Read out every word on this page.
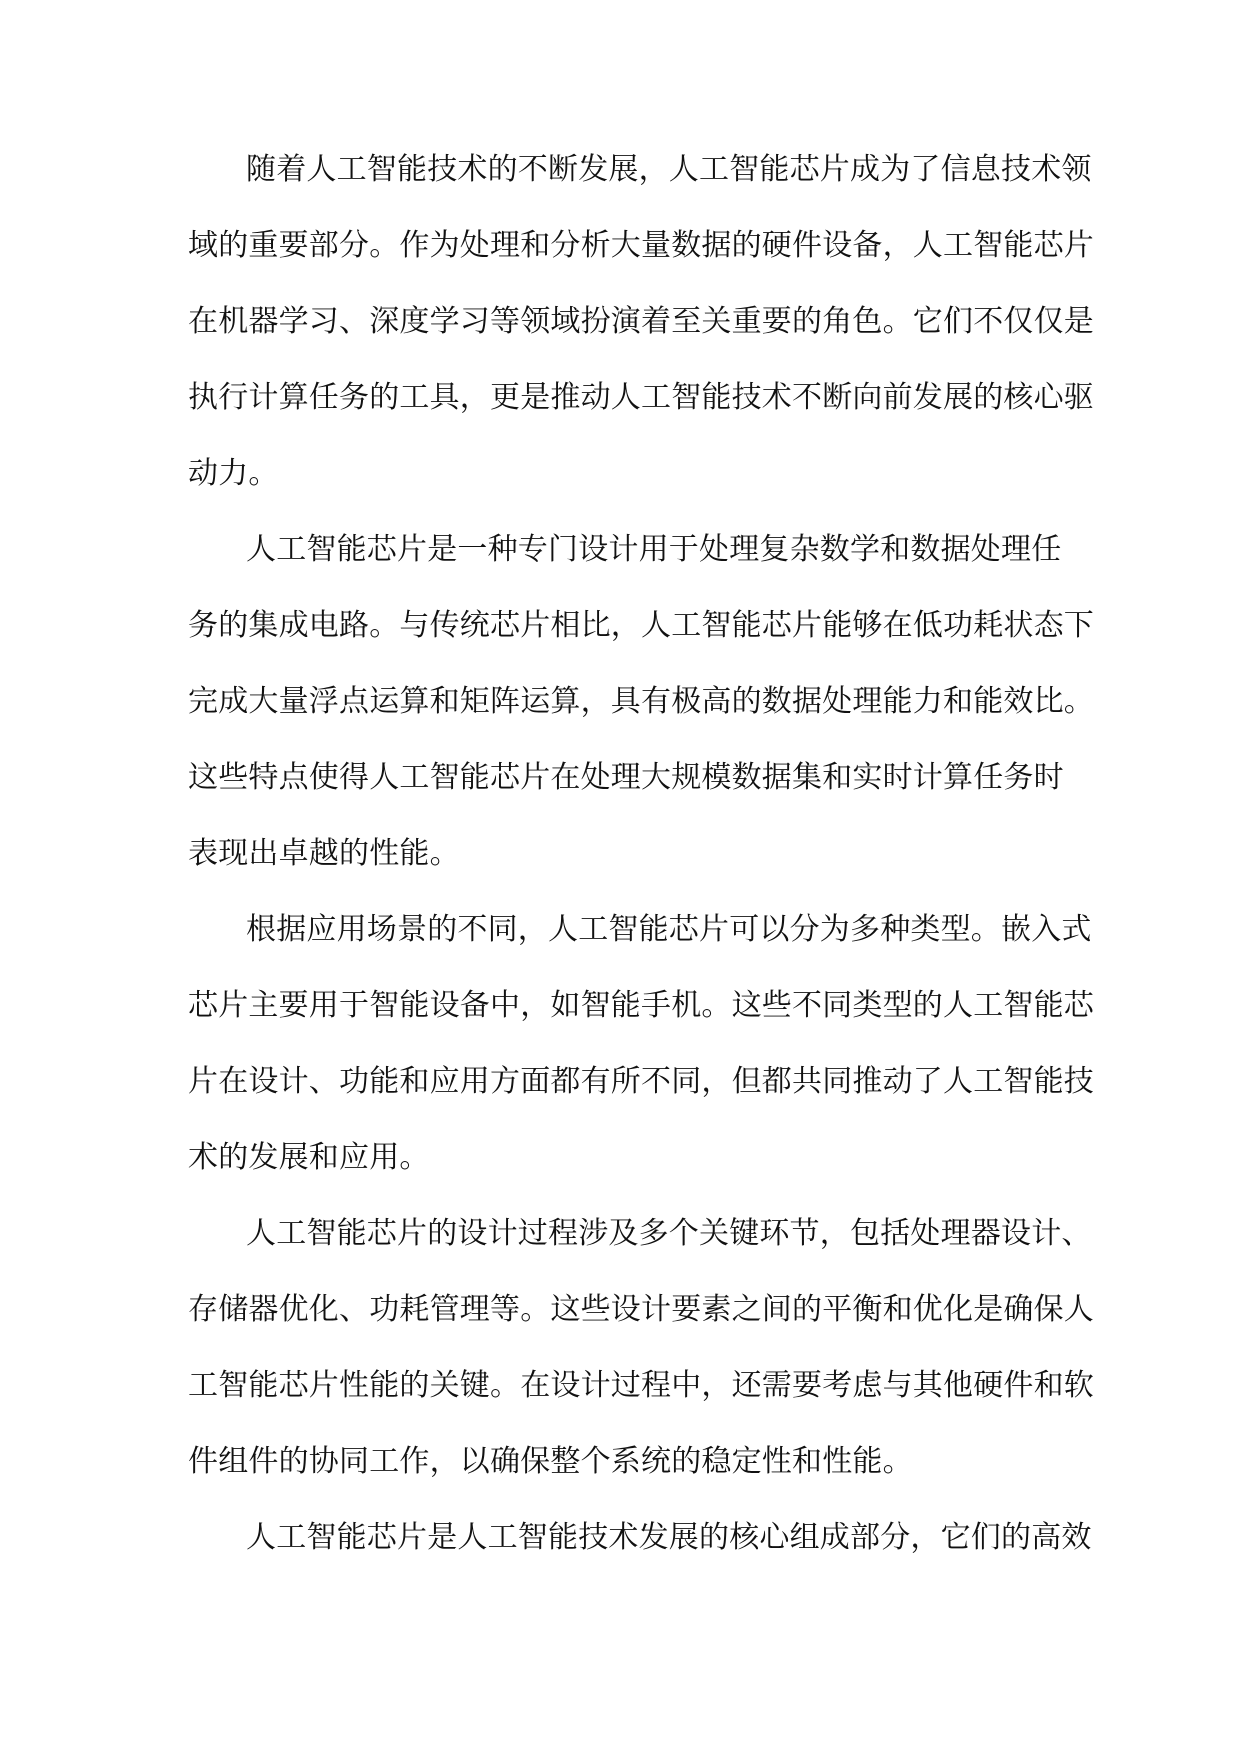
随着人工智能技术的不断发展，人工智能芯片成为了信息技术领
域的重要部分。作为处理和分析大量数据的硬件设备，人工智能芯片
在机器学习、深度学习等领域扮演着至关重要的角色。它们不仅仅是
执行计算任务的工具，更是推动人工智能技术不断向前发展的核心驱
动力。
人工智能芯片是一种专门设计用于处理复杂数学和数据处理任
务的集成电路。与传统芯片相比，人工智能芯片能够在低功耗状态下
完成大量浮点运算和矩阵运算，具有极高的数据处理能力和能效比。
这些特点使得人工智能芯片在处理大规模数据集和实时计算任务时
表现出卓越的性能。
根据应用场景的不同，人工智能芯片可以分为多种类型。嵌入式
芯片主要用于智能设备中，如智能手机。这些不同类型的人工智能芯
片在设计、功能和应用方面都有所不同，但都共同推动了人工智能技
术的发展和应用。
人工智能芯片的设计过程涉及多个关键环节，包括处理器设计、
存储器优化、功耗管理等。这些设计要素之间的平衡和优化是确保人
工智能芯片性能的关键。在设计过程中，还需要考虑与其他硬件和软
件组件的协同工作，以确保整个系统的稳定性和性能。
人工智能芯片是人工智能技术发展的核心组成部分，它们的高效
